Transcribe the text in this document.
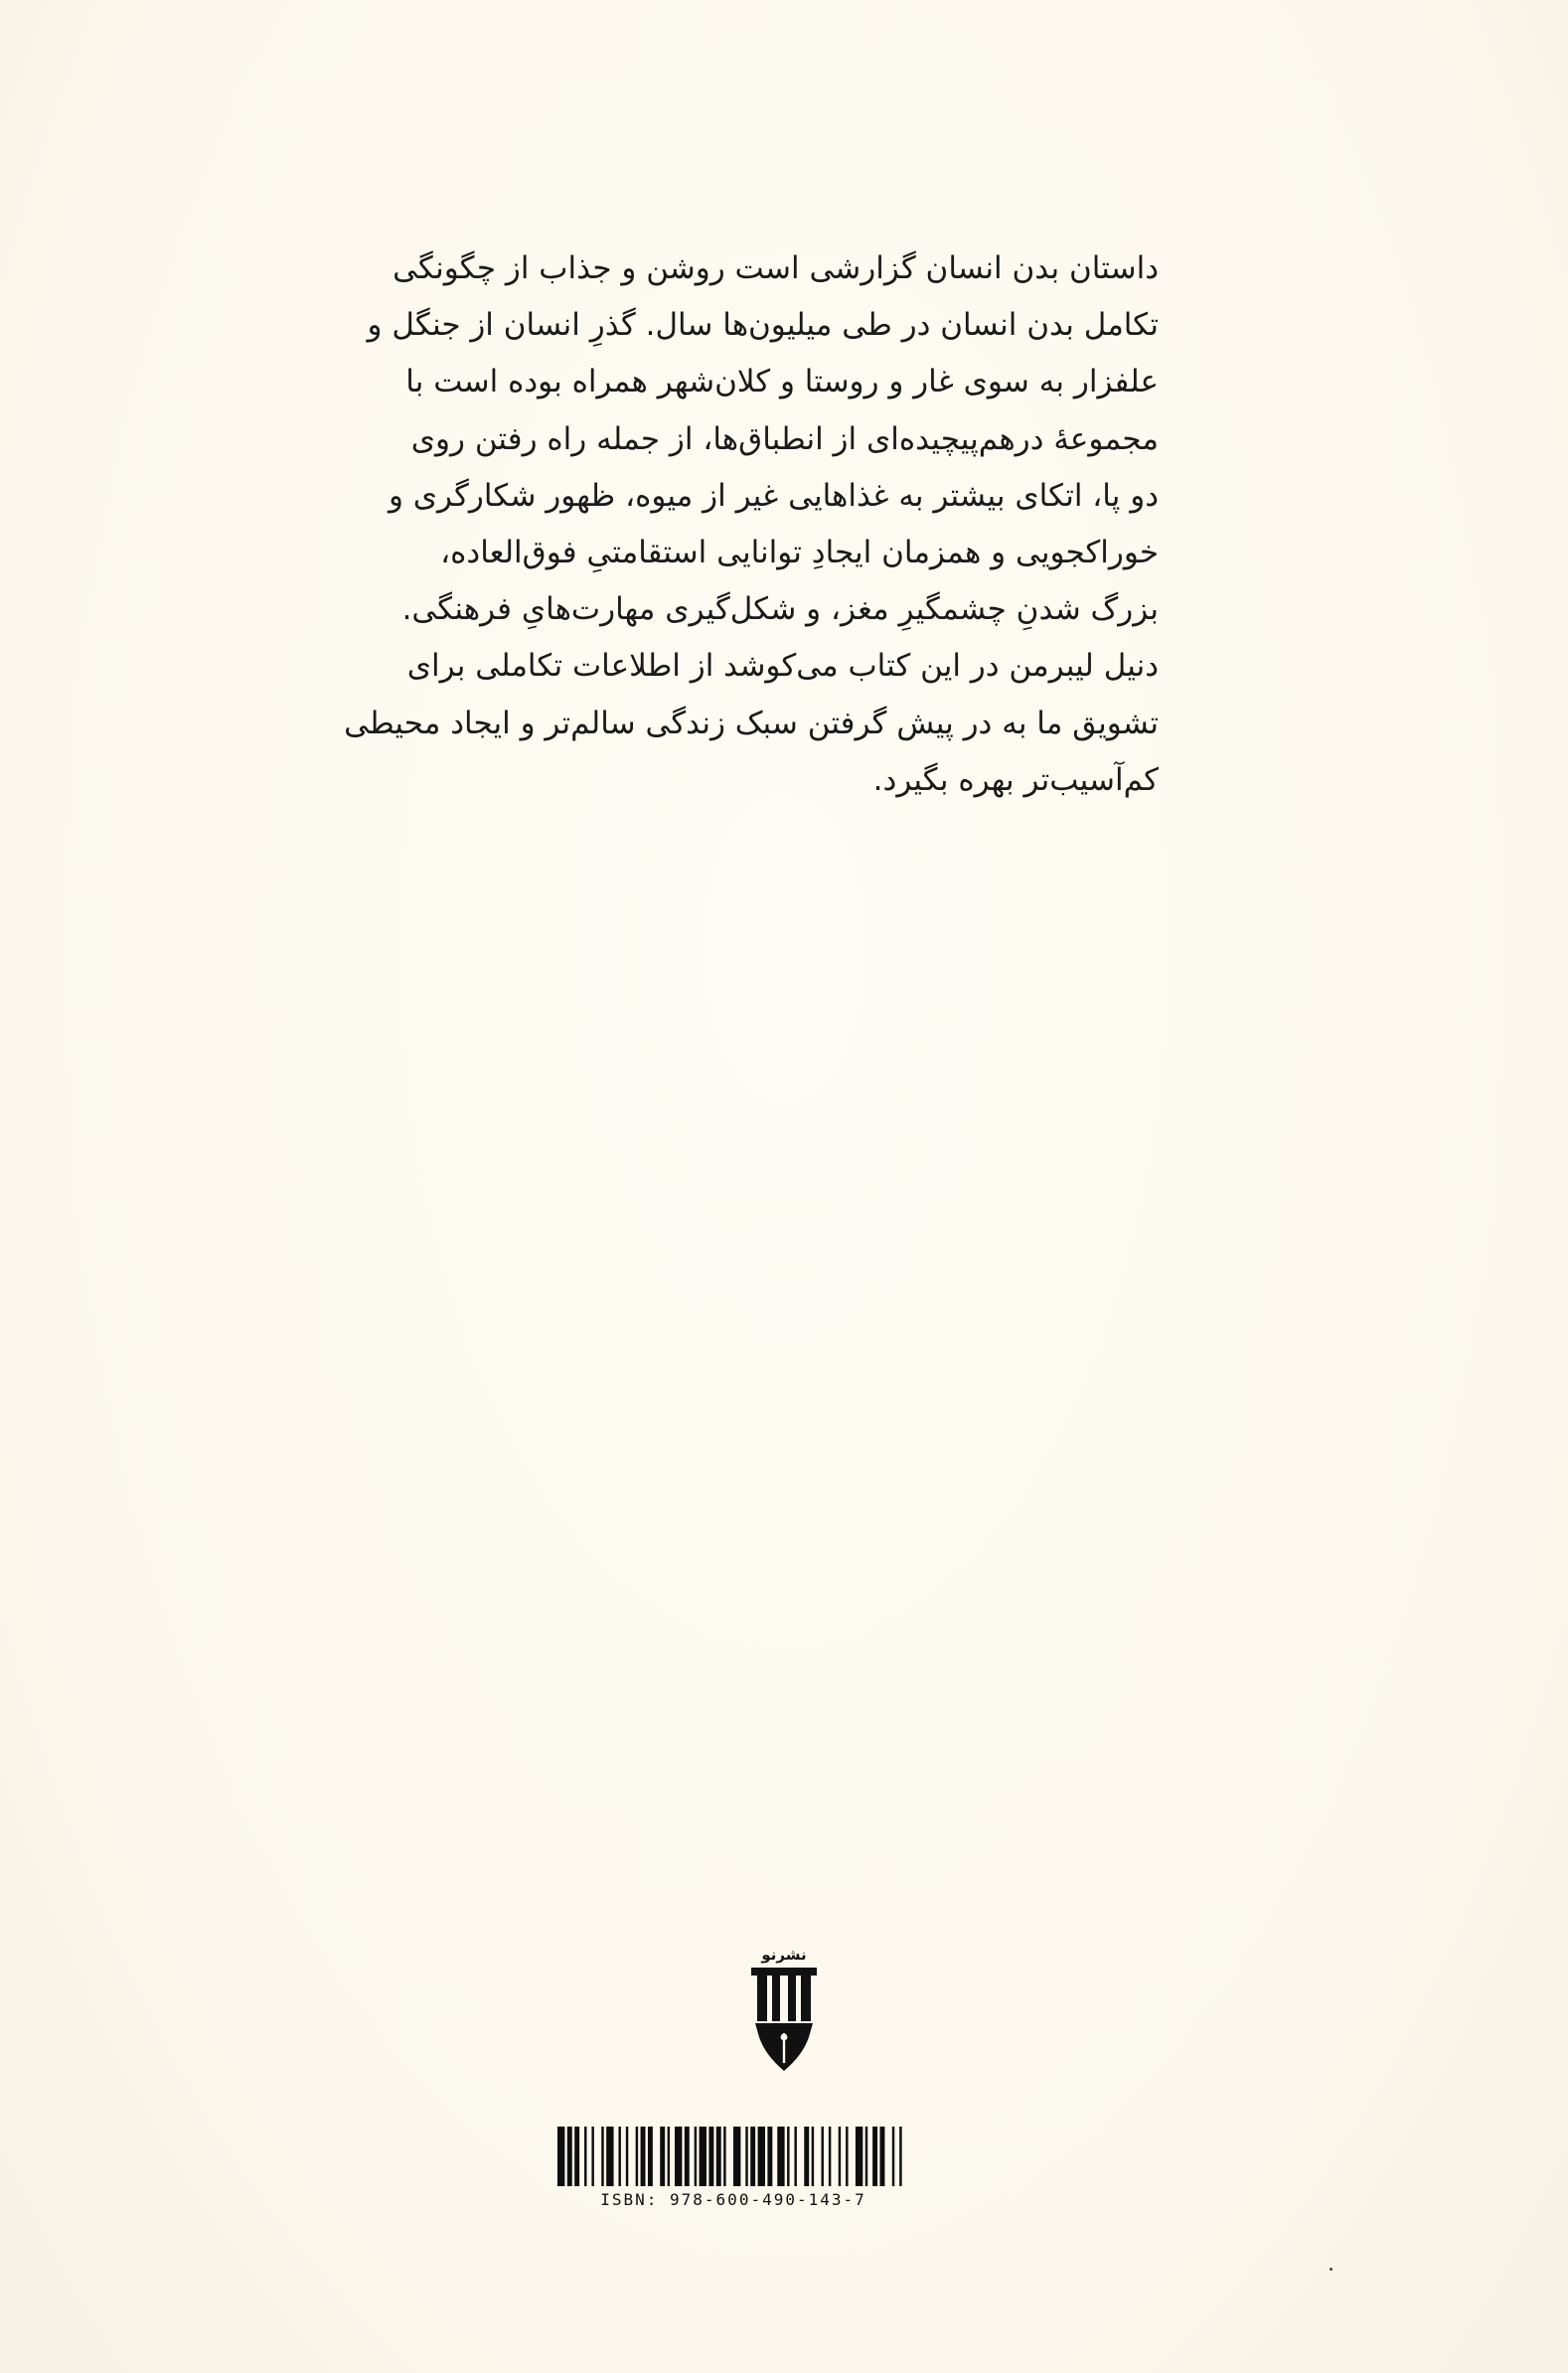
داستان بدن انسان گزارشی است روشن و جذاب از چگونگی
تکامل بدن انسان در طی میلیون‌ها سال. گذرِ انسان از جنگل و
علفزار به سوی غار و روستا و کلان‌شهر همراه بوده است با
مجموعهٔ درهم‌پیچیده‌ای از انطباق‌ها، از جمله راه رفتن روی
دو پا، اتکای بیشتر به غذاهایی غیر از میوه، ظهور شکارگری و
خوراکجویی و همزمان ایجادِ توانایی استقامتیِ فوق‌العاده،
بزرگ شدنِ چشمگیرِ مغز، و شکل‌گیری مهارت‌هایِ فرهنگی.
دنیل لیبرمن در این کتاب می‌کوشد از اطلاعات تکاملی برای
تشویق ما به در پیش گرفتن سبک زندگی سالم‌تر و ایجاد محیطی
کم‌آسیب‌تر بهره بگیرد.
نشرنو
ISBN: 978-600-490-143-7
